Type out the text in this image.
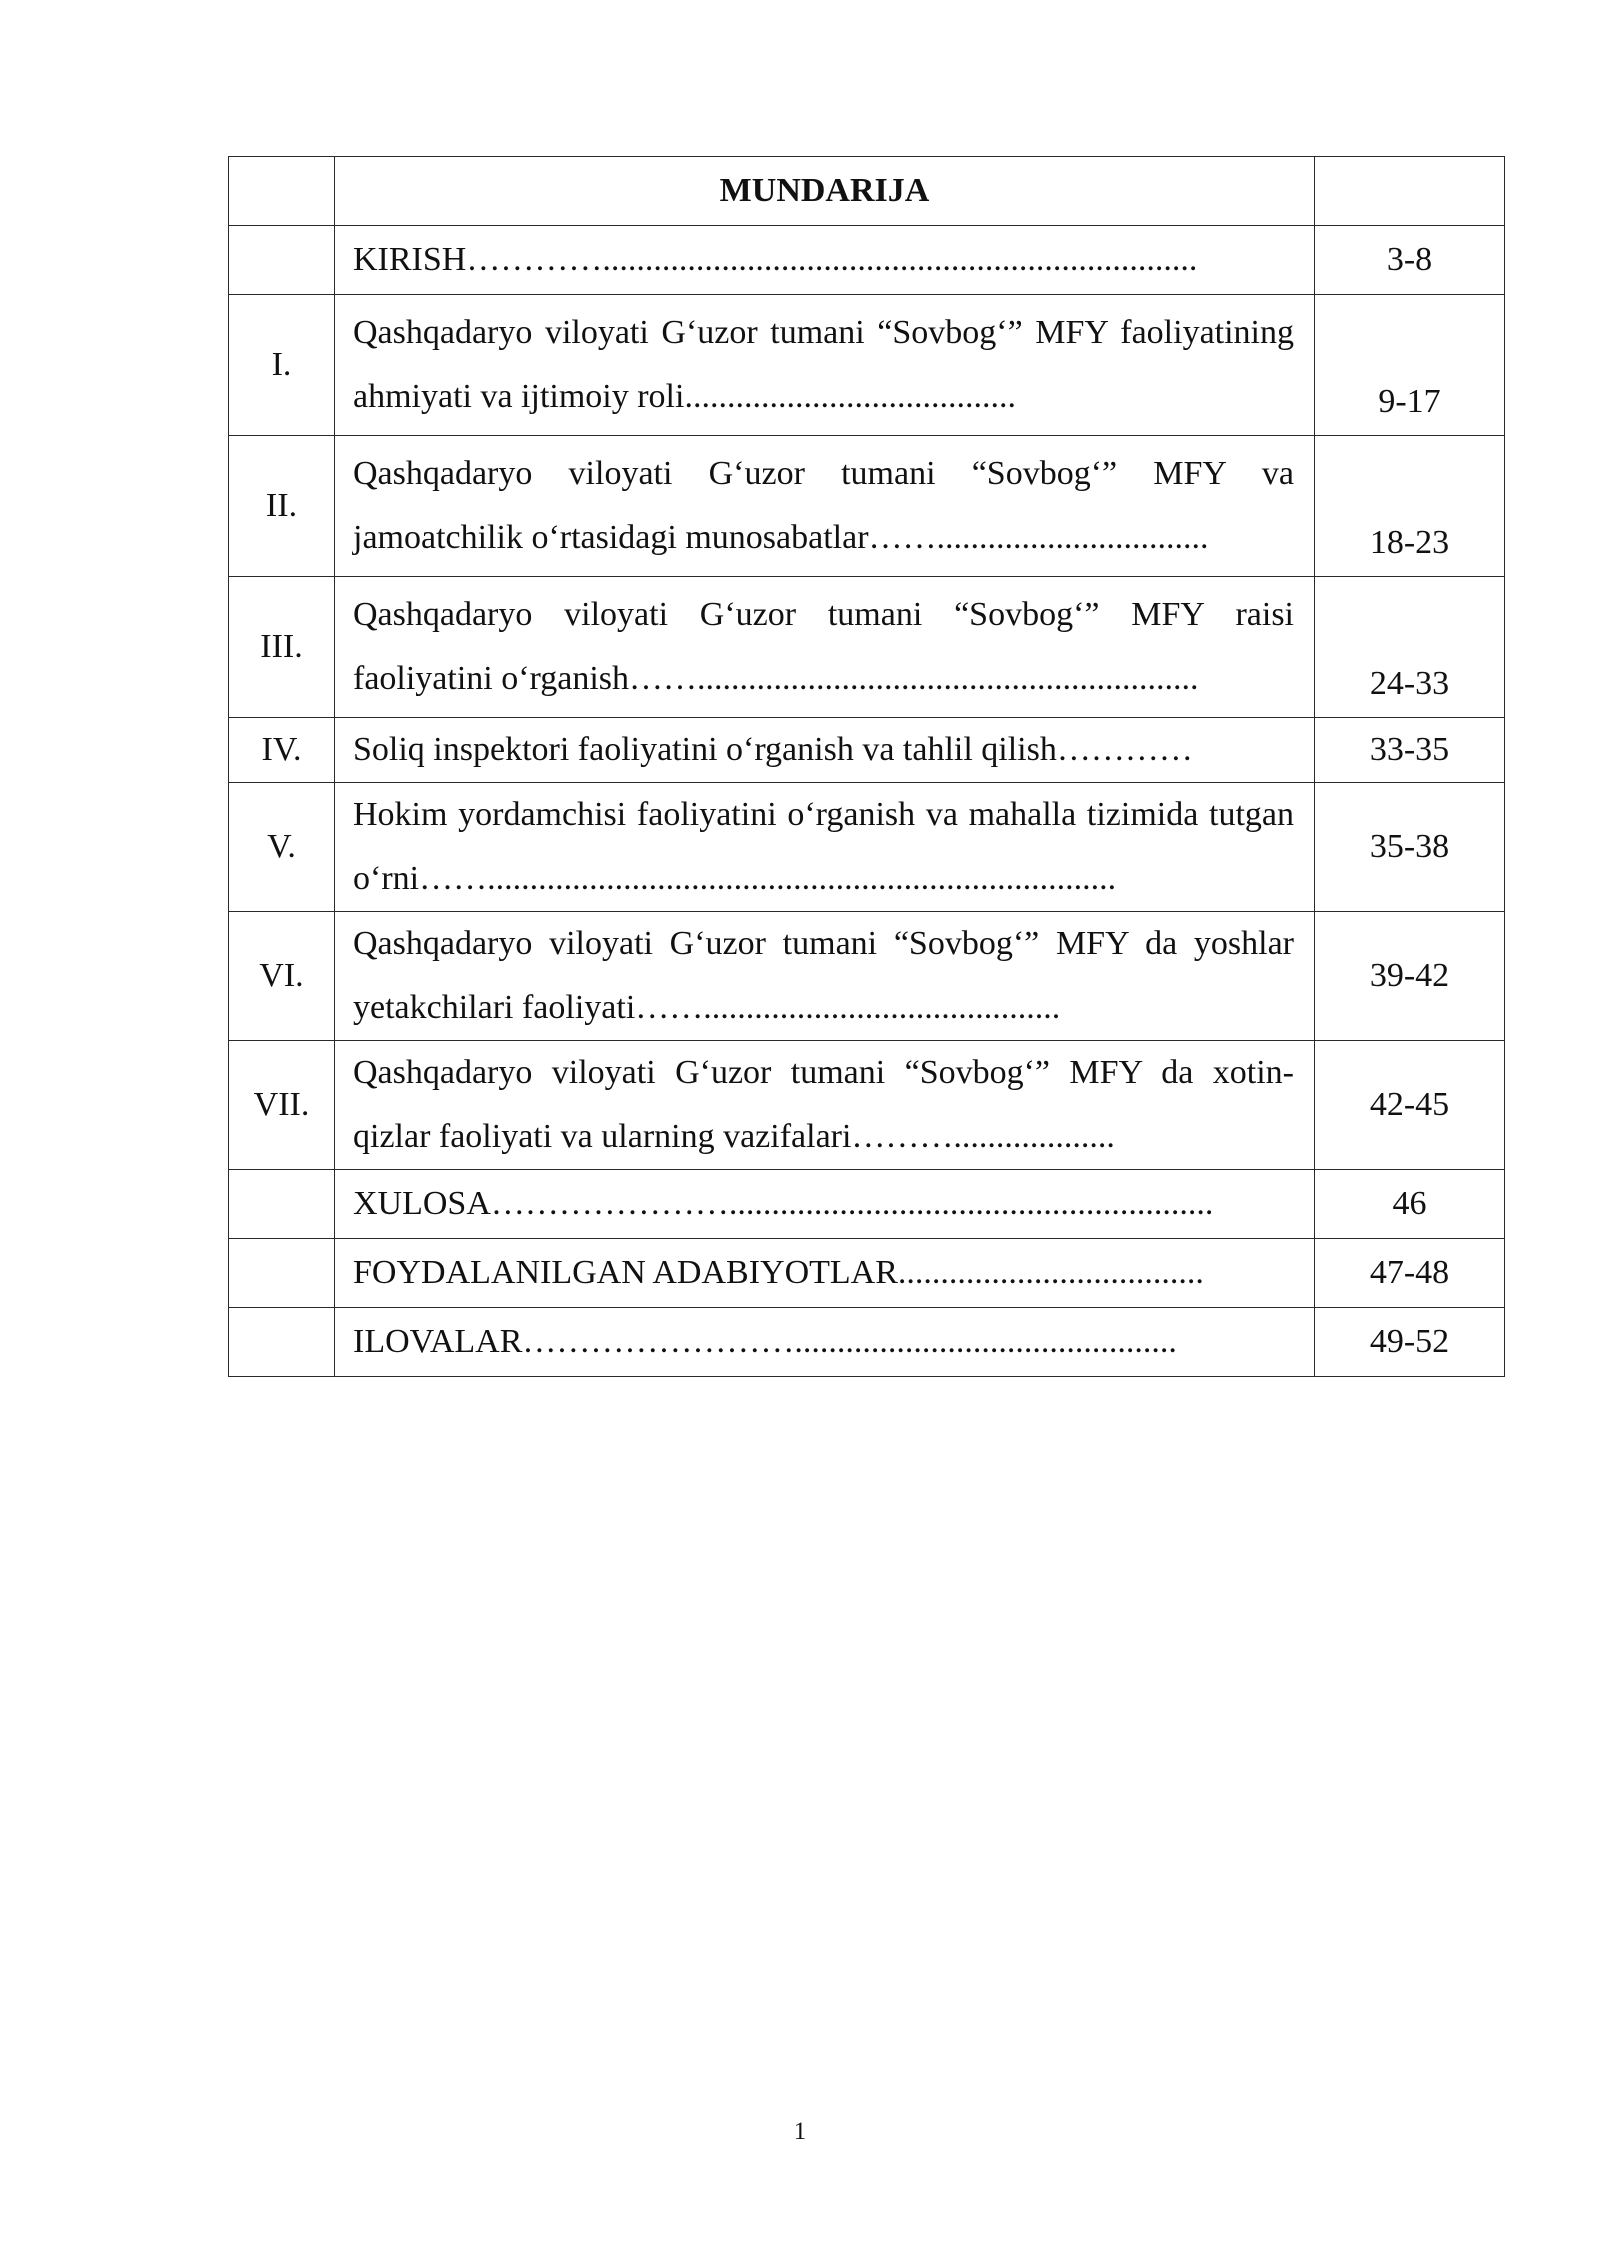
	MUNDARIJA	

	KIRISH…………......................................................................	3-8
I.	Qashqadaryo viloyati G‘uzor tumani “Sovbog‘” MFY faoliyatining ahmiyati va ijtimoiy roli.......................................	9-17
II.	Qashqadaryo viloyati G‘uzor tumani “Sovbog‘” MFY va jamoatchilik o‘rtasidagi munosabatlar……................................	18-23
III.	Qashqadaryo viloyati G‘uzor tumani “Sovbog‘” MFY raisi faoliyatini o‘rganish……...........................................................	24-33
IV.	Soliq inspektori faoliyatini o‘rganish va tahlil qilish…………	33-35
V.	Hokim yordamchisi faoliyatini o‘rganish va mahalla tizimida tutgan o‘rni……..........................................................................	35-38
VI.	Qashqadaryo viloyati G‘uzor tumani “Sovbog‘” MFY da yoshlar yetakchilari faoliyati……..........................................	39-42
VII.	Qashqadaryo viloyati G‘uzor tumani “Sovbog‘” MFY da xotin-qizlar faoliyati va ularning vazifalari………...................	42-45

	XULOSA………………….........................................................	46

	FOYDALANILGAN ADABIYOTLAR....................................	47-48

	ILOVALAR…………………….............................................	49-52
1
